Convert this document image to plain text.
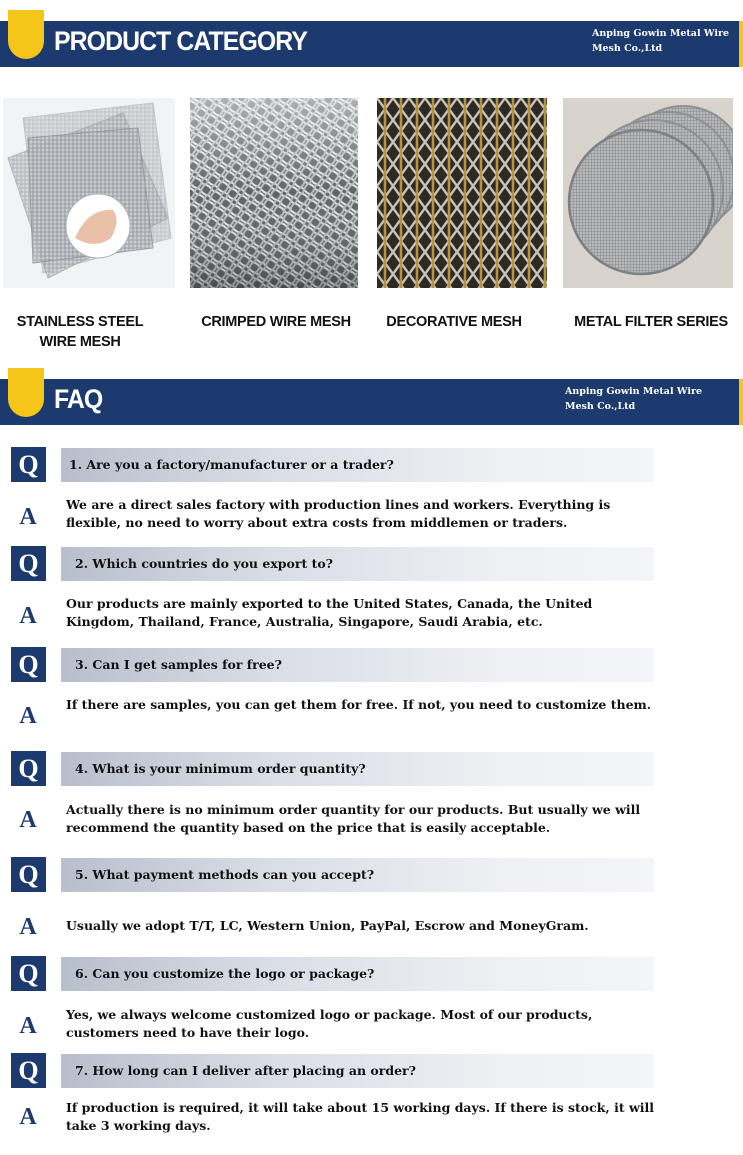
PRODUCT CATEGORY	Anping Gowin Metal Wire
Mesh Co.,Ltd
STAINLESS STEEL
WIRE MESH
CRIMPED WIRE MESH	DECORATIVE MESH	METAL FILTER SERIES
FAQ	Anping Gowin Metal Wire
Mesh Co.,Ltd
Q	1. Are you a factory/manufacturer or a trader?
A We are a direct sales factory with production lines and workers. Everything is flexible, no need to worry about extra costs from middlemen or traders.
Q	2. Which countries do you export to?
A Our products are mainly exported to the United States, Canada, the United Kingdom, Thailand, France, Australia, Singapore, Saudi Arabia, etc.
Q	3. Can I get samples for free?
A If there are samples, you can get them for free. If not, you need to customize them.
Q	4. What is your minimum order quantity?
A Actually there is no minimum order quantity for our products. But usually we will recommend the quantity based on the price that is easily acceptable.
Q	5. What payment methods can you accept?
A Usually we adopt T/T, LC, Western Union, PayPal, Escrow and MoneyGram.
Q	6. Can you customize the logo or package?
A Yes, we always welcome customized logo or package. Most of our products, customers need to have their logo.
Q	7. How long can I deliver after placing an order?
A If production is required, it will take about 15 working days. If there is stock, it will take 3 working days.
